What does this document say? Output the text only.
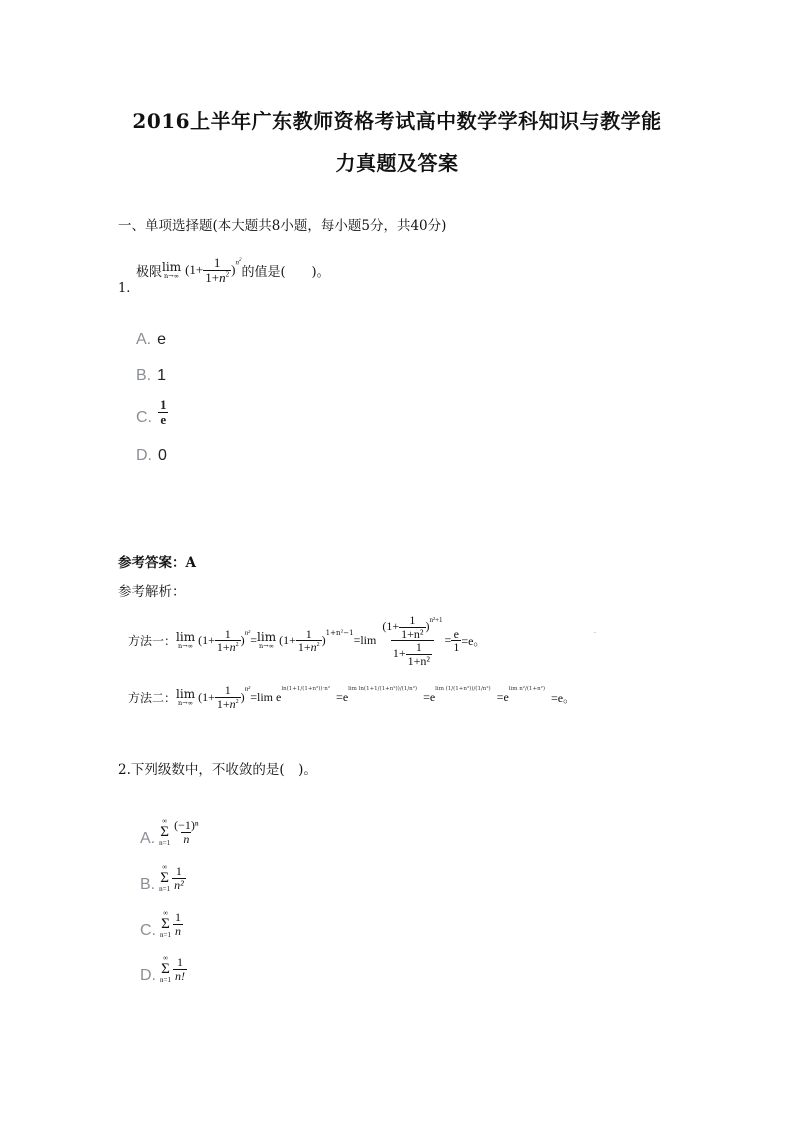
2016上半年广东教师资格考试高中数学学科知识与教学能
力真题及答案
一、单项选择题(本大题共8小题，每小题5分，共40分)
极限 lim
n→∞ ($1+ \frac{1}{1+n^2}$ ) $n^2$
的值是(　　)。
1.
A. e
B. 1
C. $\frac{1}{e}$
D. 0
参考答案：A
参考解析：
方法一： lim
n→∞ ($1+ \frac{1}{1+n^2}$ )
n²
= lim
n→∞ ($1+ \frac{1}{1+n^2}$ )
1+n²−1
$=\lim \frac{(1+ \frac{1}{\text{1+n²}} )^{n^2+1}}{1+ \frac{1}{\text{1+n²}}} = \frac{e}{1} =e$。
·
方法二： lim
n→∞ ($1+ \frac{1}{1+n^2}$ )
n²
=lim e
ln(1+1/(1+n²))·n²
=e
lim ln(1+1/(1+n²))/(1/n²)
=e
lim (1/(1+n²))/(1/n²)
=e
lim n²/(1+n²)
=e。
2.下列级数中，不收敛的是(　)。
A.
∞
Σ
$n=1 \frac{\text{(−1)ⁿ}}{n}$
B.
∞
Σ
$n=1 \frac{1}{\text{n²}}$
C.
∞
Σ
$n=1 \frac{1}{n}$
D.
∞
Σ
$n=1 \frac{1}{n!}$
